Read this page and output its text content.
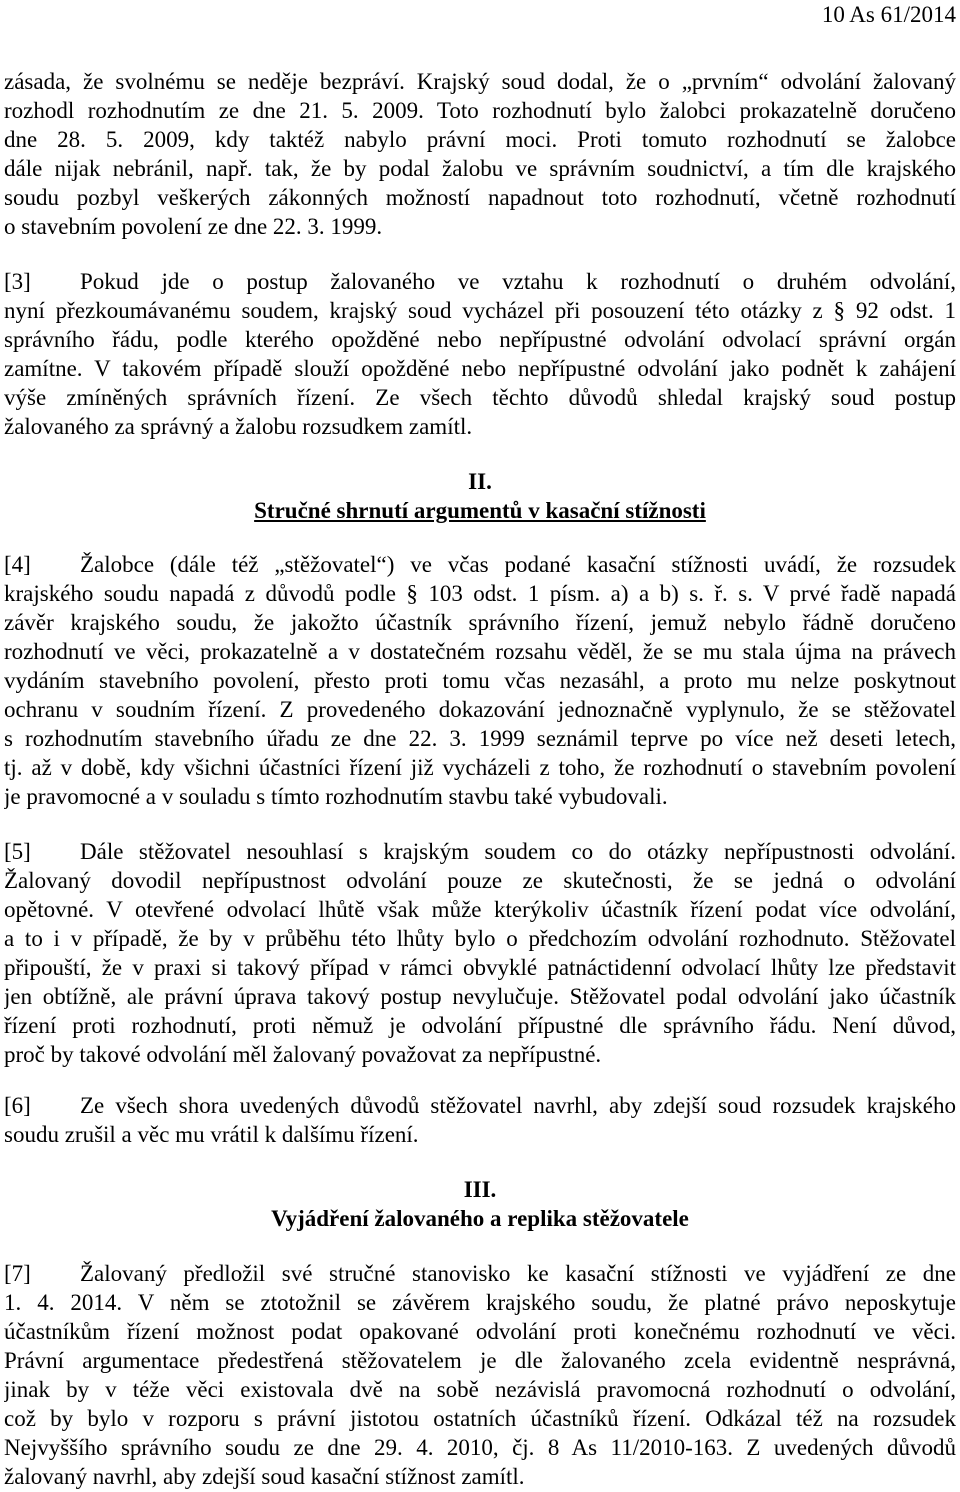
10 As 61/2014
zásada, že svolnému se neděje bezpráví. Krajský soud dodal, že o „prvním“ odvolání žalovaný
rozhodl rozhodnutím ze dne 21. 5. 2009. Toto rozhodnutí bylo žalobci prokazatelně doručeno
dne 28. 5. 2009, kdy taktéž nabylo právní moci. Proti tomuto rozhodnutí se žalobce
dále nijak nebránil, např. tak, že by podal žalobu ve správním soudnictví, a tím dle krajského
soudu pozbyl veškerých zákonných možností napadnout toto rozhodnutí, včetně rozhodnutí
o stavebním povolení ze dne 22. 3. 1999.
[3]	Pokud jde o postup žalovaného ve vztahu k rozhodnutí o druhém odvolání,
nyní přezkoumávanému soudem, krajský soud vycházel při posouzení této otázky z § 92 odst. 1
správního řádu, podle kterého opožděné nebo nepřípustné odvolání odvolací správní orgán
zamítne. V takovém případě slouží opožděné nebo nepřípustné odvolání jako podnět k zahájení
výše zmíněných správních řízení. Ze všech těchto důvodů shledal krajský soud postup
žalovaného za správný a žalobu rozsudkem zamítl.
II.
Stručné shrnutí argumentů v kasační stížnosti
[4]	Žalobce (dále též „stěžovatel“) ve včas podané kasační stížnosti uvádí, že rozsudek
krajského soudu napadá z důvodů podle § 103 odst. 1 písm. a) a b) s. ř. s. V prvé řadě napadá
závěr krajského soudu, že jakožto účastník správního řízení, jemuž nebylo řádně doručeno
rozhodnutí ve věci, prokazatelně a v dostatečném rozsahu věděl, že se mu stala újma na právech
vydáním stavebního povolení, přesto proti tomu včas nezasáhl, a proto mu nelze poskytnout
ochranu v soudním řízení. Z provedeného dokazování jednoznačně vyplynulo, že se stěžovatel
s rozhodnutím stavebního úřadu ze dne 22. 3. 1999 seznámil teprve po více než deseti letech,
tj. až v době, kdy všichni účastníci řízení již vycházeli z toho, že rozhodnutí o stavebním povolení
je pravomocné a v souladu s tímto rozhodnutím stavbu také vybudovali.
[5]	Dále stěžovatel nesouhlasí s krajským soudem co do otázky nepřípustnosti odvolání.
Žalovaný dovodil nepřípustnost odvolání pouze ze skutečnosti, že se jedná o odvolání
opětovné. V otevřené odvolací lhůtě však může kterýkoliv účastník řízení podat více odvolání,
a to i v případě, že by v průběhu této lhůty bylo o předchozím odvolání rozhodnuto. Stěžovatel
připouští, že v praxi si takový případ v rámci obvyklé patnáctidenní odvolací lhůty lze představit
jen obtížně, ale právní úprava takový postup nevylučuje. Stěžovatel podal odvolání jako účastník
řízení proti rozhodnutí, proti němuž je odvolání přípustné dle správního řádu. Není důvod,
proč by takové odvolání měl žalovaný považovat za nepřípustné.
[6]	Ze všech shora uvedených důvodů stěžovatel navrhl, aby zdejší soud rozsudek krajského
soudu zrušil a věc mu vrátil k dalšímu řízení.
III.
Vyjádření žalovaného a replika stěžovatele
[7]	Žalovaný předložil své stručné stanovisko ke kasační stížnosti ve vyjádření ze dne
1. 4. 2014. V něm se ztotožnil se závěrem krajského soudu, že platné právo neposkytuje
účastníkům řízení možnost podat opakované odvolání proti konečnému rozhodnutí ve věci.
Právní argumentace předestřená stěžovatelem je dle žalovaného zcela evidentně nesprávná,
jinak by v téže věci existovala dvě na sobě nezávislá pravomocná rozhodnutí o odvolání,
což by bylo v rozporu s právní jistotou ostatních účastníků řízení. Odkázal též na rozsudek
Nejvyššího správního soudu ze dne 29. 4. 2010, čj. 8 As 11/2010-163. Z uvedených důvodů
žalovaný navrhl, aby zdejší soud kasační stížnost zamítl.
